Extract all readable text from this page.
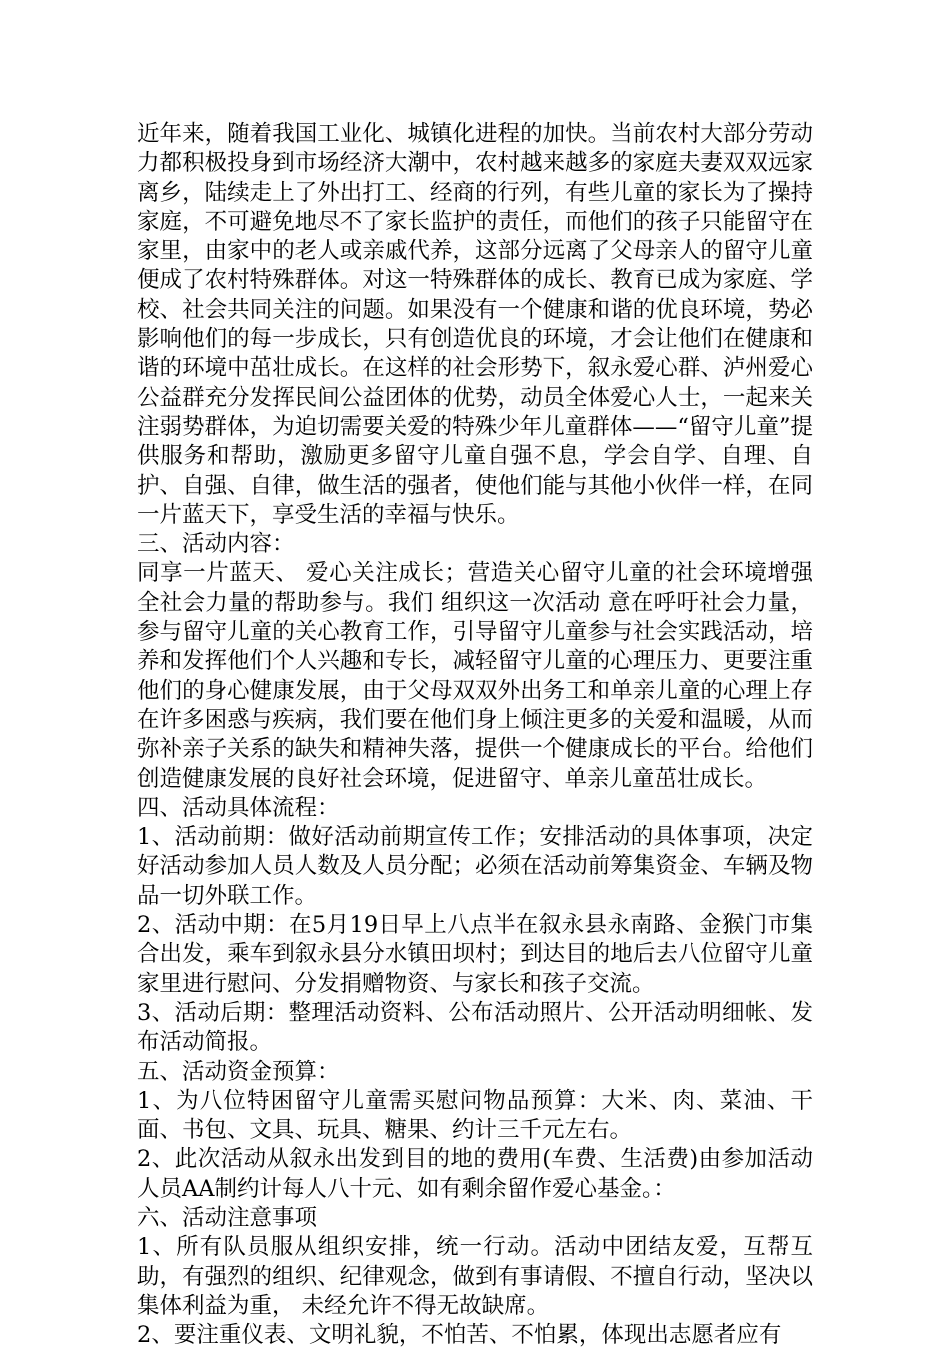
近年来，随着我国工业化、城镇化进程的加快。当前农村大部分劳动力都积极投身到市场经济大潮中，农村越来越多的家庭夫妻双双远家离乡，陆续走上了外出打工、经商的行列，有些儿童的家长为了操持家庭，不可避免地尽不了家长监护的责任，而他们的孩子只能留守在家里，由家中的老人或亲戚代养，这部分远离了父母亲人的留守儿童便成了农村特殊群体。对这一特殊群体的成长、教育已成为家庭、学校、社会共同关注的问题。如果没有一个健康和谐的优良环境，势必影响他们的每一步成长，只有创造优良的环境，才会让他们在健康和谐的环境中茁壮成长。在这样的社会形势下，叙永爱心群、泸州爱心公益群充分发挥民间公益团体的优势，动员全体爱心人士，一起来关注弱势群体，为迫切需要关爱的特殊少年儿童群体——“留守儿童”提供服务和帮助，激励更多留守儿童自强不息，学会自学、自理、自护、自强、自律，做生活的强者，使他们能与其他小伙伴一样，在同一片蓝天下，享受生活的幸福与快乐。

三、活动内容：

同享一片蓝天、 爱心关注成长；营造关心留守儿童的社会环境增强全社会力量的帮助参与。我们 组织这一次活动 意在呼吁社会力量，参与留守儿童的关心教育工作，引导留守儿童参与社会实践活动，培养和发挥他们个人兴趣和专长，减轻留守儿童的心理压力、更要注重他们的身心健康发展，由于父母双双外出务工和单亲儿童的心理上存在许多困惑与疾病，我们要在他们身上倾注更多的关爱和温暖，从而弥补亲子关系的缺失和精神失落，提供一个健康成长的平台。给他们创造健康发展的良好社会环境，促进留守、单亲儿童茁壮成长。

四、活动具体流程：

1、活动前期：做好活动前期宣传工作；安排活动的具体事项，决定好活动参加人员人数及人员分配；必须在活动前筹集资金、车辆及物品一切外联工作。

2、活动中期：在5月19日早上八点半在叙永县永南路、金猴门市集合出发，乘车到叙永县分水镇田坝村；到达目的地后去八位留守儿童家里进行慰问、分发捐赠物资、与家长和孩子交流。

3、活动后期：整理活动资料、公布活动照片、公开活动明细帐、发布活动简报。

五、活动资金预算：

1、为八位特困留守儿童需买慰问物品预算：大米、肉、菜油、干面、书包、文具、玩具、糖果、约计三千元左右。

2、此次活动从叙永出发到目的地的费用(车费、生活费)由参加活动人员AA制约计每人八十元、如有剩余留作爱心基金。：

六、活动注意事项

1、所有队员服从组织安排，统一行动。活动中团结友爱，互帮互助，有强烈的组织、纪律观念，做到有事请假、不擅自行动，坚决以集体利益为重， 未经允许不得无故缺席。

2、要注重仪表、文明礼貌，不怕苦、不怕累，体现出志愿者应有
